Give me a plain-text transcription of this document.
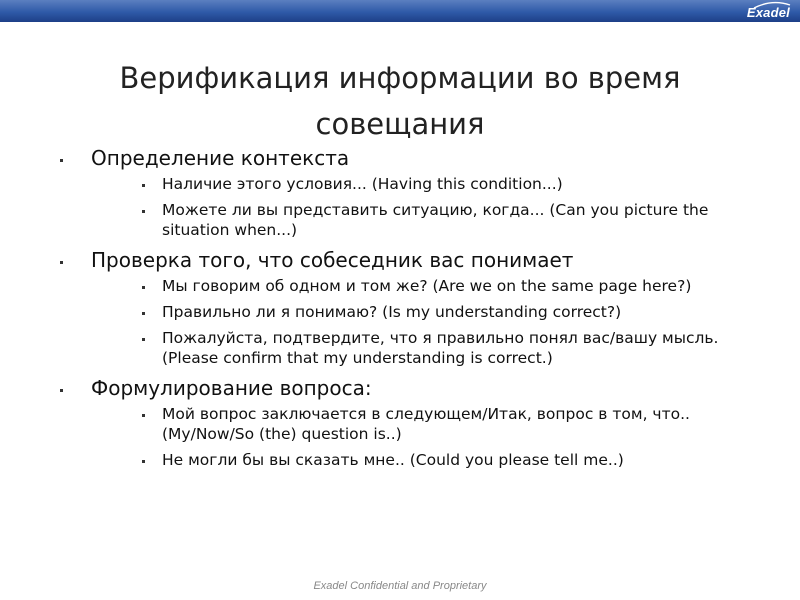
Exadel
Верификация информации во время совещания
Определение контекста
Наличие этого условия... (Having this condition...)
Можете ли вы представить ситуацию, когда... (Can you picture the situation when...)
Проверка того, что собеседник вас понимает
Мы говорим об одном и том же? (Are we on the same page here?)
Правильно ли я понимаю? (Is my understanding correct?)
Пожалуйста, подтвердите, что я правильно понял вас/вашу мысль. (Please confirm that my understanding is correct.)
Формулирование вопроса:
Мой вопрос заключается в следующем/Итак, вопрос в том, что.. (My/Now/So (the) question is..)
Не могли бы вы сказать мне.. (Could you please tell me..)
Exadel Confidential and Proprietary
